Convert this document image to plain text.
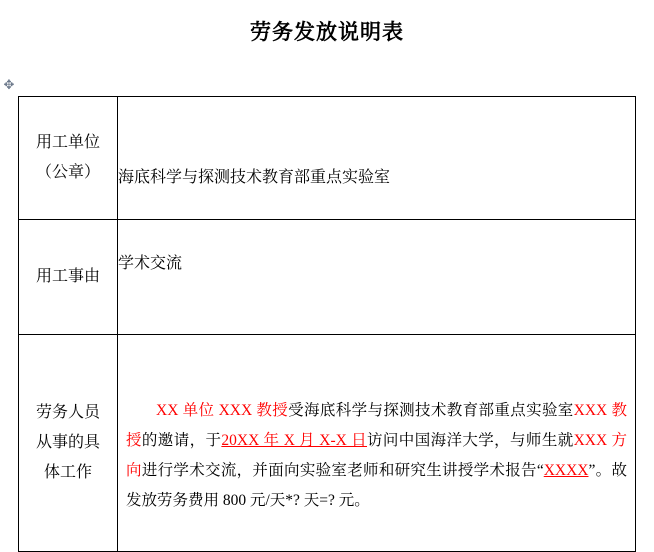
劳务发放说明表
✥
用工单位
（公章）	海底科学与探测技术教育部重点实验室

用工事由	学术交流

劳务人员
从事的具
体工作	XX 单位 XXX 教授受海底科学与探测技术教育部重点实验室XXX 教授的邀请，于20XX 年 X 月 X-X 日访问中国海洋大学，与师生就XXX 方向进行学术交流，并面向实验室老师和研究生讲授学术报告“XXXX”。故发放劳务费用 800 元/天*? 天=? 元。
